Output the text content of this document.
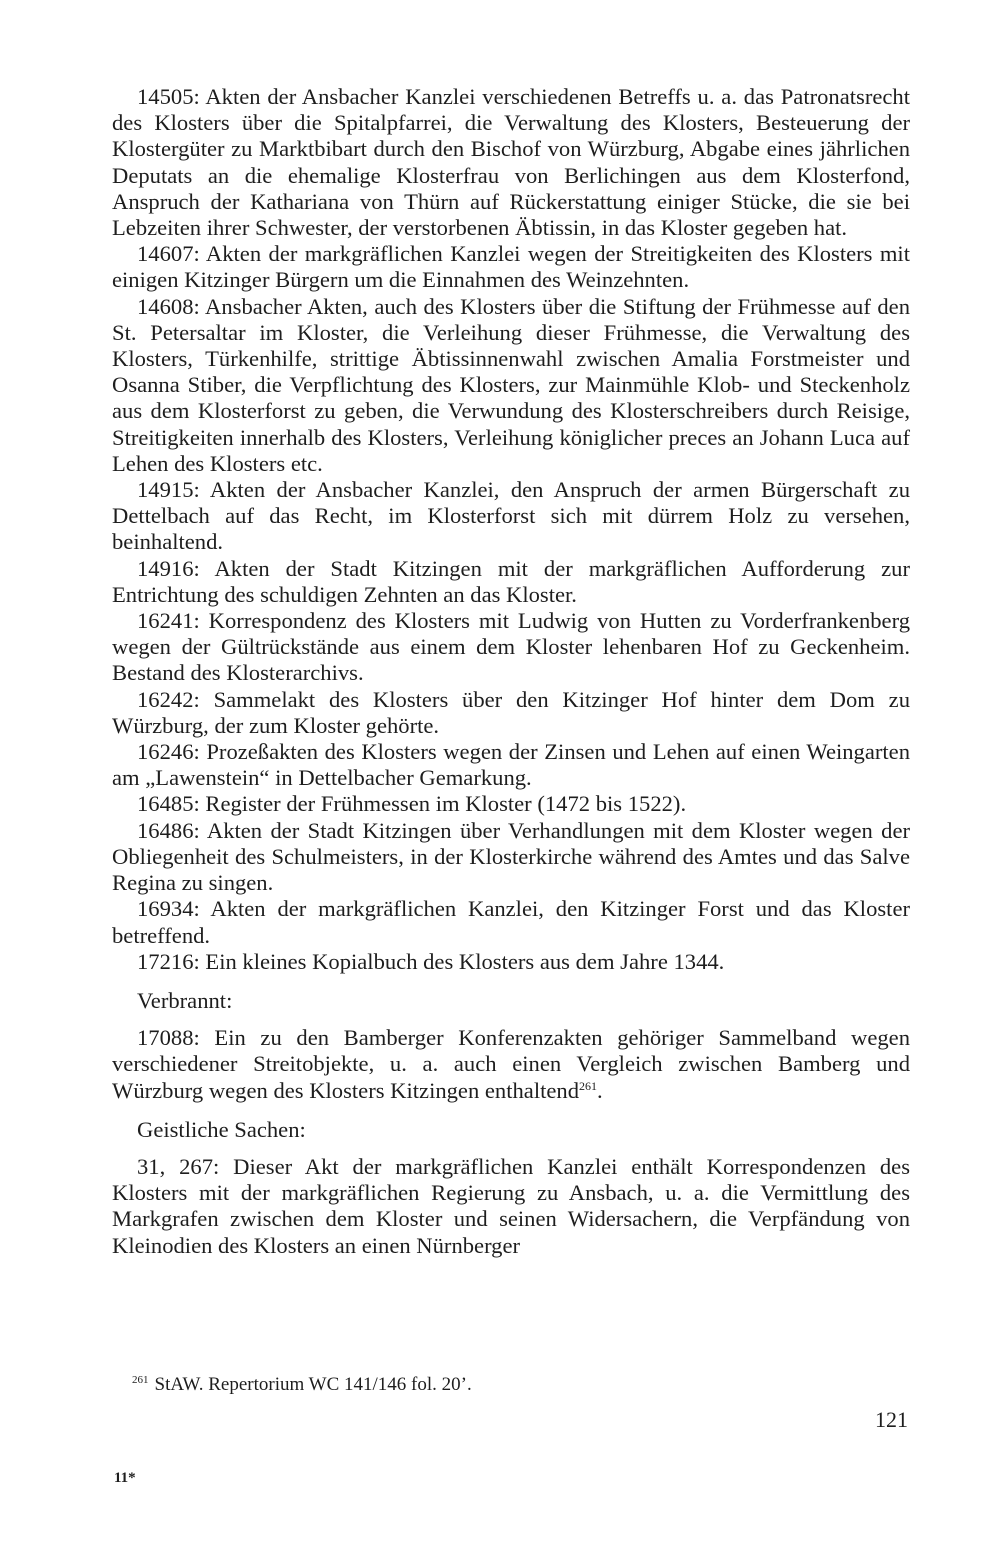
14505: Akten der Ansbacher Kanzlei verschiedenen Betreffs u. a. das Patronatsrecht des Klosters über die Spitalpfarrei, die Verwaltung des Klosters, Besteuerung der Klostergüter zu Marktbibart durch den Bischof von Würzburg, Abgabe eines jährlichen Deputats an die ehemalige Klosterfrau von Berlichingen aus dem Klosterfond, Anspruch der Kathariana von Thürn auf Rückerstattung einiger Stücke, die sie bei Lebzeiten ihrer Schwester, der verstorbenen Äbtissin, in das Kloster gegeben hat.

14607: Akten der markgräflichen Kanzlei wegen der Streitigkeiten des Klosters mit einigen Kitzinger Bürgern um die Einnahmen des Weinzehnten.

14608: Ansbacher Akten, auch des Klosters über die Stiftung der Frühmesse auf den St. Petersaltar im Kloster, die Verleihung dieser Frühmesse, die Verwaltung des Klosters, Türkenhilfe, strittige Äbtissinnenwahl zwischen Amalia Forstmeister und Osanna Stiber, die Verpflichtung des Klosters, zur Mainmühle Klob- und Steckenholz aus dem Klosterforst zu geben, die Verwundung des Klosterschreibers durch Reisige, Streitigkeiten innerhalb des Klosters, Verleihung königlicher preces an Johann Luca auf Lehen des Klosters etc.

14915: Akten der Ansbacher Kanzlei, den Anspruch der armen Bürgerschaft zu Dettelbach auf das Recht, im Klosterforst sich mit dürrem Holz zu versehen, beinhaltend.

14916: Akten der Stadt Kitzingen mit der markgräflichen Aufforderung zur Entrichtung des schuldigen Zehnten an das Kloster.

16241: Korrespondenz des Klosters mit Ludwig von Hutten zu Vorderfrankenberg wegen der Gültrückstände aus einem dem Kloster lehenbaren Hof zu Geckenheim. Bestand des Klosterarchivs.

16242: Sammelakt des Klosters über den Kitzinger Hof hinter dem Dom zu Würzburg, der zum Kloster gehörte.

16246: Prozeßakten des Klosters wegen der Zinsen und Lehen auf einen Weingarten am „Lawenstein“ in Dettelbacher Gemarkung.

16485: Register der Frühmessen im Kloster (1472 bis 1522).

16486: Akten der Stadt Kitzingen über Verhandlungen mit dem Kloster wegen der Obliegenheit des Schulmeisters, in der Klosterkirche während des Amtes und das Salve Regina zu singen.

16934: Akten der markgräflichen Kanzlei, den Kitzinger Forst und das Kloster betreffend.

17216: Ein kleines Kopialbuch des Klosters aus dem Jahre 1344.

Verbrannt:

17088: Ein zu den Bamberger Konferenzakten gehöriger Sammelband wegen verschiedener Streitobjekte, u. a. auch einen Vergleich zwischen Bamberg und Würzburg wegen des Klosters Kitzingen enthaltend$^{261}$.

Geistliche Sachen:

31, 267: Dieser Akt der markgräflichen Kanzlei enthält Korrespondenzen des Klosters mit der markgräflichen Regierung zu Ansbach, u. a. die Vermittlung des Markgrafen zwischen dem Kloster und seinen Widersachern, die Verpfändung von Kleinodien des Klosters an einen Nürnberger

$^{261}$ StAW. Repertorium WC 141/146 fol. 20’.
121
11*
